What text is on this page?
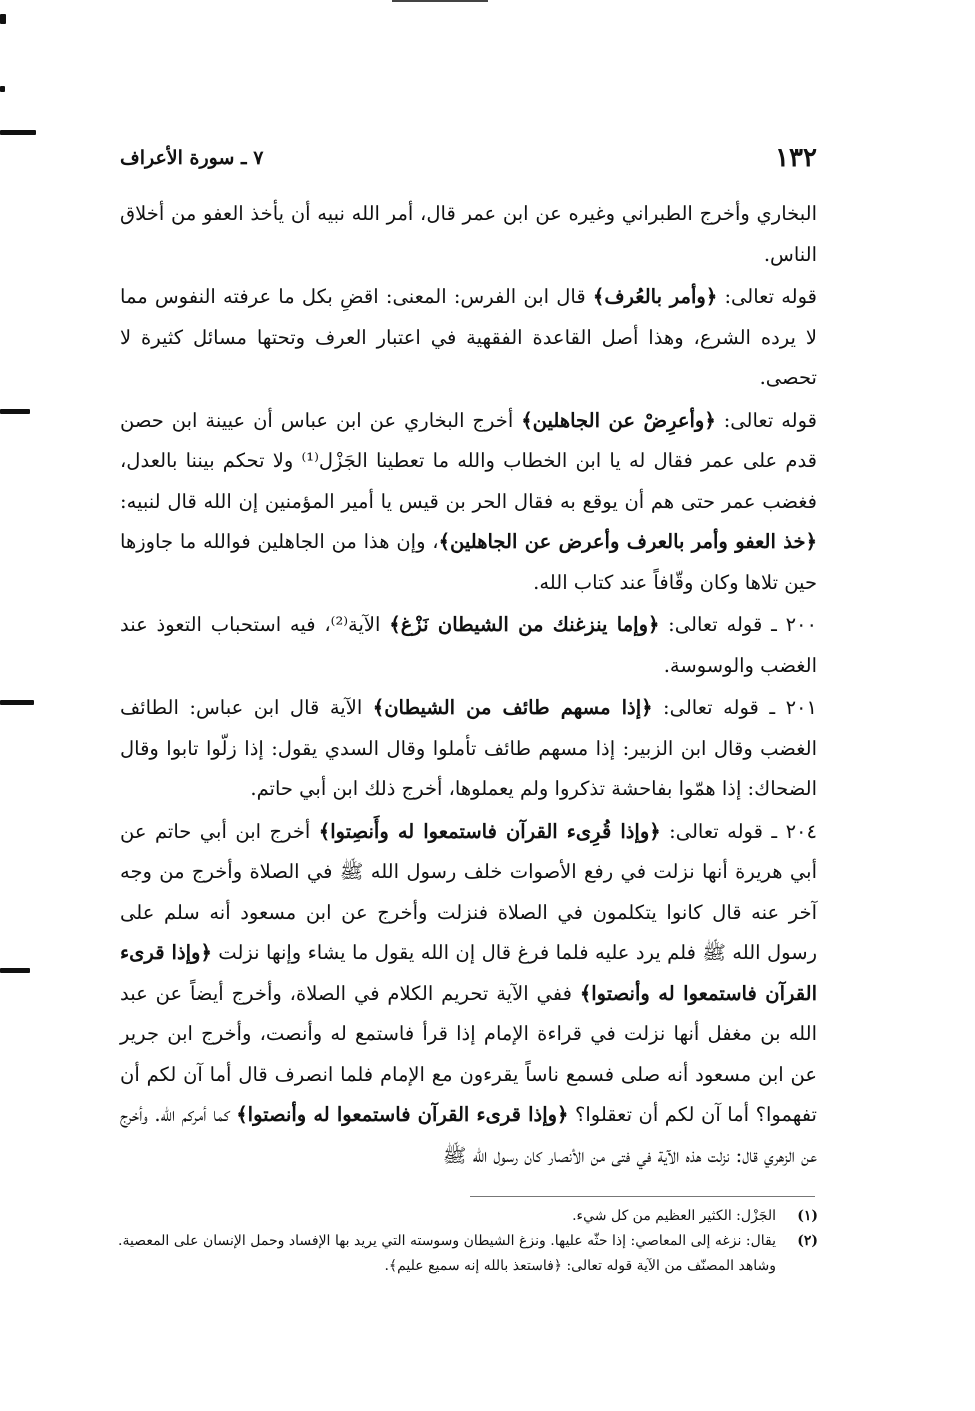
١٣٢
٧ ـ سورة الأعراف

البخاري وأخرج الطبراني وغيره عن ابن عمر قال، أمر الله نبيه أن يأخذ العفو من أخلاق الناس.

قوله تعالى: ﴿وأمر بالعُرف﴾ قال ابن الفرس: المعنى: اقضِ بكل ما عرفته النفوس مما لا يرده الشرع، وهذا أصل القاعدة الفقهية في اعتبار العرف وتحتها مسائل كثيرة لا تحصى.

قوله تعالى: ﴿وأعرِضْ عن الجاهلين﴾ أخرج البخاري عن ابن عباس أن عيينة ابن حصن قدم على عمر فقال له يا ابن الخطاب والله ما تعطينا الجَزْل⁽¹⁾ ولا تحكم بيننا بالعدل، فغضب عمر حتى هم أن يوقع به فقال الحر بن قيس يا أمير المؤمنين إن الله قال لنبيه: ﴿خذ العفو وأمر بالعرف وأعرض عن الجاهلين﴾، وإن هذا من الجاهلين فوالله ما جاوزها حين تلاها وكان وقّافاً عند كتاب الله.

٢٠٠ ـ قوله تعالى: ﴿وإما ينزغنك من الشيطان نَزْغ﴾ الآية⁽²⁾، فيه استحباب التعوذ عند الغضب والوسوسة.

٢٠١ ـ قوله تعالى: ﴿إذا مسهم طائف من الشيطان﴾ الآية قال ابن عباس: الطائف الغضب وقال ابن الزبير: إذا مسهم طائف تأملوا وقال السدي يقول: إذا زلّوا تابوا وقال الضحاك: إذا همّوا بفاحشة تذكروا ولم يعملوها، أخرج ذلك ابن أبي حاتم.

٢٠٤ ـ قوله تعالى: ﴿وإذا قُرِىء القرآن فاستمعوا له وأَنصِتوا﴾ أخرج ابن أبي حاتم عن أبي هريرة أنها نزلت في رفع الأصوات خلف رسول الله ﷺ في الصلاة وأخرج من وجه آخر عنه قال كانوا يتكلمون في الصلاة فنزلت وأخرج عن ابن مسعود أنه سلم على رسول الله ﷺ فلم يرد عليه فلما فرغ قال إن الله يقول ما يشاء وإنها نزلت ﴿وإذا قرىء القرآن فاستمعوا له وأنصتوا﴾ ففي الآية تحريم الكلام في الصلاة، وأخرج أيضاً عن عبد الله بن مغفل أنها نزلت في قراءة الإمام إذا قرأ فاستمع له وأنصت، وأخرج ابن جرير عن ابن مسعود أنه صلى فسمع ناساً يقرءون مع الإمام فلما انصرف قال أما آن لكم أن تفهموا؟ أما آن لكم أن تعقلوا؟ ﴿وإذا قرىء القرآن فاستمعوا له وأنصتوا﴾ كما أمركم الله. وأخرج عن الزهري قال: نزلت هذه الآية في فتى من الأنصار كان رسول الله ﷺ

(١)
الجَزْل: الكثير العظيم من كل شيء.
(٢)
يقال: نزغه إلى المعاصي: إذا حثّه عليها. ونزغ الشيطان وسوسته التي يريد بها الإفساد وحمل الإنسان على المعصية. وشاهد المصنّف من الآية قوله تعالى: ﴿فاستعذ بالله إنه سميع عليم﴾.
